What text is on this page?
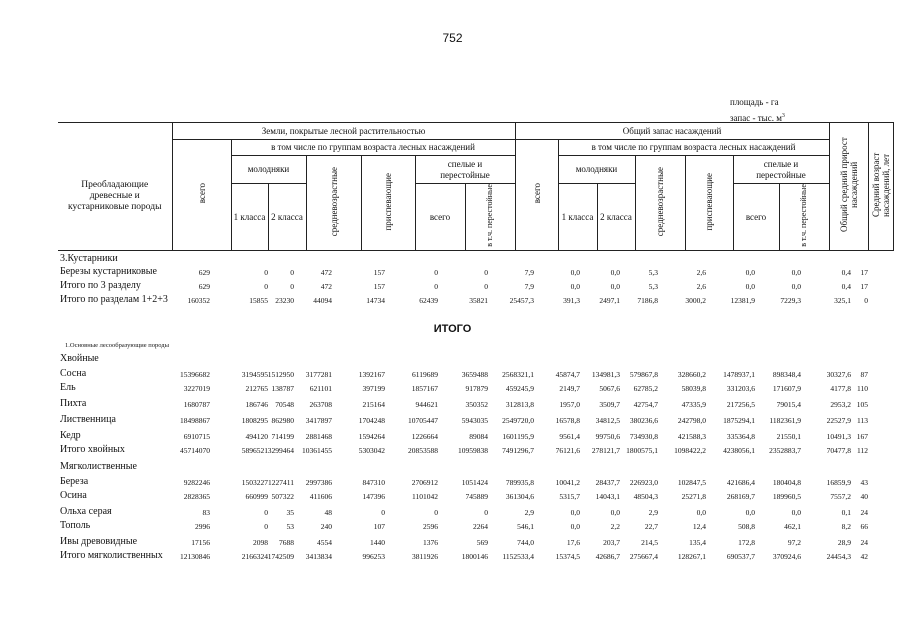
752
площадь - га
запас - тыс. $м^3$
Преобладающие древесные и кустарниковые породы	Земли, покрытые лесной растительностью							Общий запас насаждений							Общий средний прирост насаждений	Средний возраст насаждений, лет
	всего	в том числе по группам возраста лесных насаждений						всего	в том числе по группам возраста лесных насаждений							
		молодняки		средневозрастные	приспевающие	спелые и перестойные			молодняки		средневозрастные	приспевающие	спелые и перестойные			
		1 класса	2 класса			всего	в т.ч. перестойные		1 класса	2 класса			всего	в т.ч. перестойные		
3.Кустарники
Березы кустарниковые	629	0	0	472	157	0	0	7,9	0,0	0,0	5,3	2,6	0,0	0,0	0,4	17
Итого по 3 разделу	629	0	0	472	157	0	0	7,9	0,0	0,0	5,3	2,6	0,0	0,0	0,4	17
Итого по разделам 1+2+3	160352	15855 23230	44094	14734	62439	35821	25457,3	391,3	2497,1	7186,8	3000,2	12381,9	7229,3	325,1	0
ИТОГО
1.Основные лесообразующие породы
Хвойные
Сосна	15396682	3194595 1512950	3177281	1392167	6119689	3659488	2568321,1	45874,7	134981,3	579867,8	328660,2	1478937,1	898348,4	30327,6	87
Ель	3227019	212765 138787	621101	397199	1857167	917879	459245,9	2149,7	5067,6	62785,2	58039,8	331203,6	171607,9	4177,8 110
Пихта	1680787	186746 70548	263708	215164	944621	350352	312813,8	1957,0	3509,7	42754,7	47335,9	217256,5	79015,4	2953,2 105
Лиственница	18498867	1808295 862980	3417897	1704248	10705447	5943035	2549720,0	16578,8	34812,5	380236,6	242798,0	1875294,1	1182361,9	22527,9 113
Кедр	6910715	494120 714199	2881468	1594264	1226664	89084	1601195,9	9561,4	99750,6	734930,8	421588,3	335364,8	21550,1	10491,3 167
Итого хвойных	45714070	5896521 3299464	10361455	5303042	20853588	10959838	7491296,7	76121,6	278121,7 1800575,1	1098422,2	4238056,1	2352883,7	70477,8 112
Мягколиственные
Береза	9282246	1503227 1227411	2997386	847310	2706912	1051424	789935,8	10041,2	28437,7	226923,0	102847,5	421686,4	180404,8	16859,9	43
Осина	2828365	660999 507322	411606	147396	1101042	745889	361304,6	5315,7	14043,1	48504,3	25271,8	268169,7	189960,5	7557,2	40
Ольха серая	83	0	35	48	0	0	0	2,9	0,0	0,0	2,9	0,0	0,0	0,0	0,1	24
Тополь	2996	0	53	240	107	2596	2264	546,1	0,0	2,2	22,7	12,4	508,8	462,1	8,2	66
Ивы древовидные	17156	2098	7688	4554	1440	1376	569	744,0	17,6	203,7	214,5	135,4	172,8	97,2	28,9	24
Итого мягколиственных	12130846	2166324 1742509	3413834	996253	3811926	1800146	1152533,4	15374,5	42686,7	275667,4	128267,1	690537,7	370924,6	24454,3	42
